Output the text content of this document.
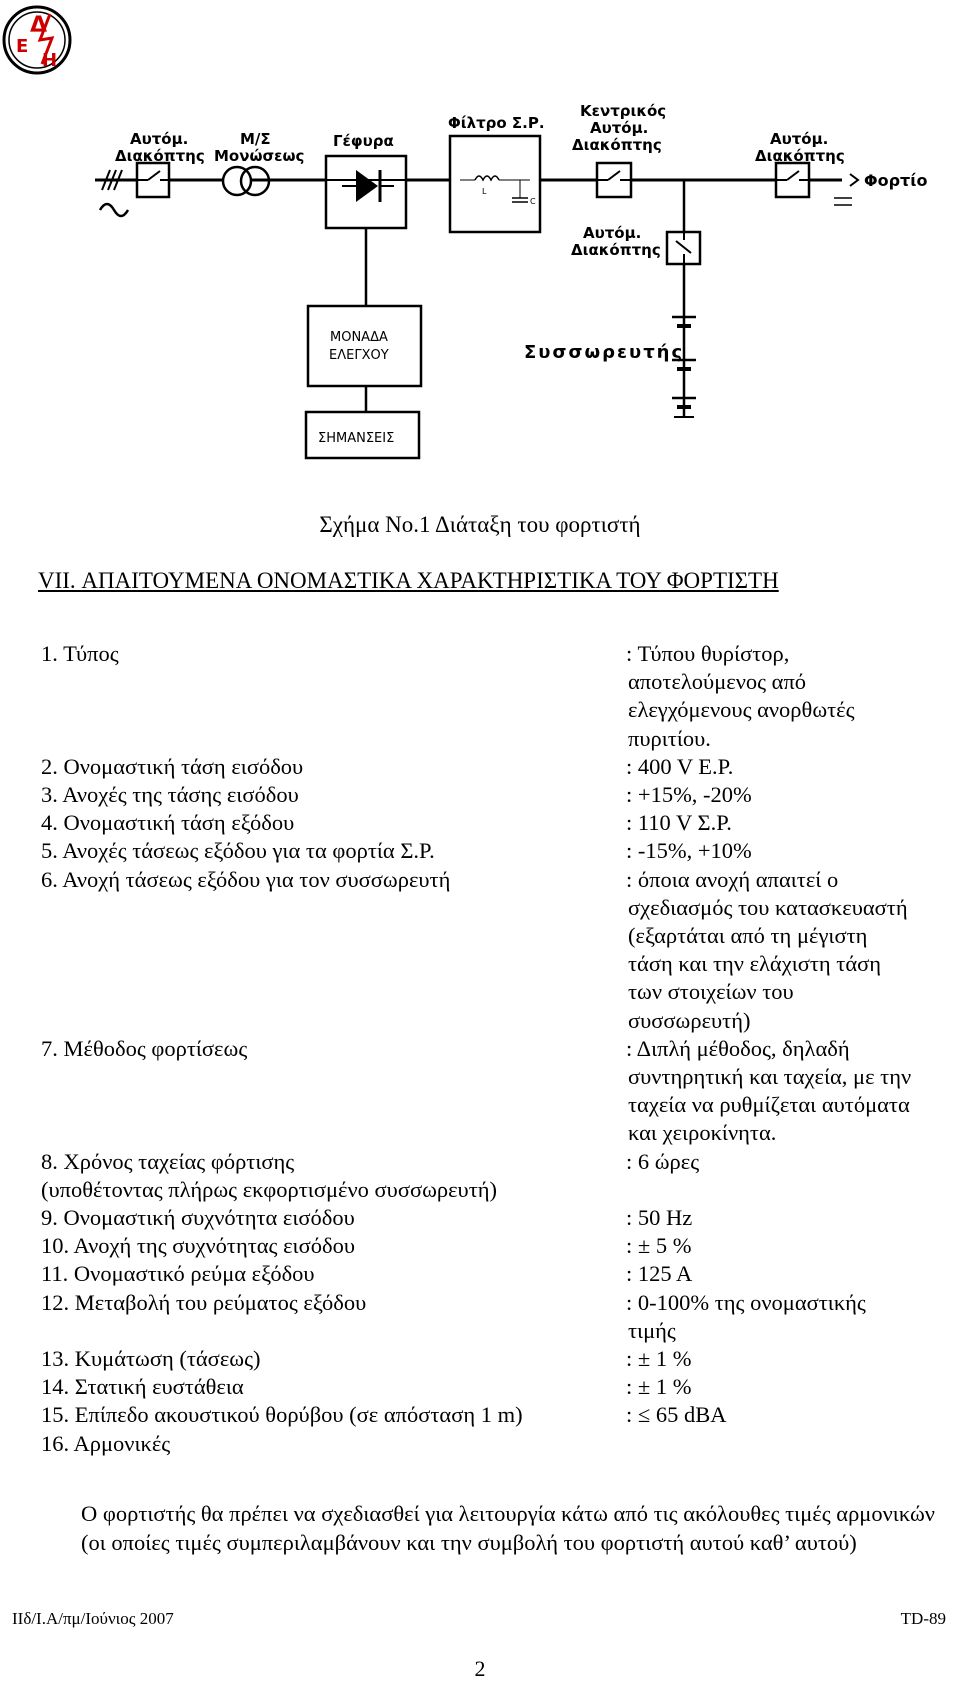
Δ
Ε
Η
Αυτόμ.
Διακόπτης
Μ/Σ
Μονώσεως
Γέφυρα
L
C
Φίλτρο Σ.Ρ.
Κεντρικός
Αυτόμ.
Διακόπτης	Αυτόμ.
Διακόπτης
Φορτίο
Αυτόμ.
Διακόπτης
Συσσωρευτής
ΜΟΝΑΔΑ
ΕΛΕΓΧΟΥ
ΣΗΜΑΝΣΕΙΣ
Σχήμα Νο.1 Διάταξη του φορτιστή
VII. ΑΠΑΙΤΟΥΜΕΝΑ ΟΝΟΜΑΣΤΙΚΑ ΧΑΡΑΚΤΗΡΙΣΤΙΚΑ ΤΟΥ ΦΟΡΤΙΣΤΗ
1. Τύπος	: Τύπου θυρίστορ,
αποτελούμενος από
ελεγχόμενους ανορθωτές
πυριτίου.
2. Ονομαστική τάση εισόδου	: 400 V E.P.
3. Ανοχές της τάσης εισόδου	: +15%, -20%
4. Ονομαστική τάση εξόδου	: 110 V Σ.P.
5. Ανοχές τάσεως εξόδου για τα φορτία Σ.Ρ.	: -15%, +10%
6. Ανοχή τάσεως εξόδου για τον συσσωρευτή	: όποια ανοχή απαιτεί ο
σχεδιασμός του κατασκευαστή
(εξαρτάται από τη μέγιστη
τάση και την ελάχιστη τάση
των στοιχείων του
συσσωρευτή)
7. Μέθοδος φορτίσεως	: Διπλή μέθοδος, δηλαδή
συντηρητική και ταχεία, με την
ταχεία να ρυθμίζεται αυτόματα
και χειροκίνητα.
8. Χρόνος ταχείας φόρτισης
(υποθέτοντας πλήρως εκφορτισμένο συσσωρευτή)
: 6 ώρες
9. Ονομαστική συχνότητα εισόδου	: 50 Hz
10. Ανοχή της συχνότητας εισόδου	: ± 5 %
11. Ονομαστικό ρεύμα εξόδου	: 125 A
12. Μεταβολή του ρεύματος εξόδου	: 0-100% της ονομαστικής
τιμής
13. Κυμάτωση (τάσεως)	: ± 1 %
14. Στατική ευστάθεια	: ± 1 %
15. Επίπεδο ακουστικού θορύβου (σε απόσταση 1 m)	: ≤ 65 dBA
16. Αρμονικές
Ο φορτιστής θα πρέπει να σχεδιασθεί για λειτουργία κάτω από τις ακόλουθες τιμές αρμονικών (οι οποίες τιμές συμπεριλαμβάνουν και την συμβολή του φορτιστή αυτού καθ’ αυτού)
ΙΙδ/Ι.Α/πμ/Ιούνιος 2007	TD-89
2
